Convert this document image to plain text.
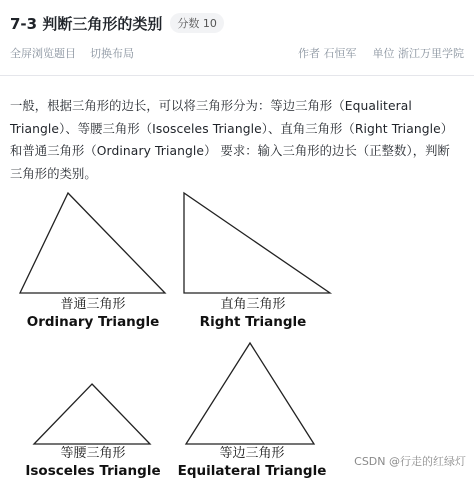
7-3 判断三角形的类别	分数 10
全屏浏览题目 切换布局	作者 石恒军 单位 浙江万里学院
一般，根据三角形的边长，可以将三角形分为：等边三角形（Equaliteral Triangle）、等腰三角形（Isosceles Triangle）、直角三角形（Right Triangle）和普通三角形（Ordinary Triangle） 要求：输入三角形的边长（正整数），判断三角形的类别。
普通三角形
Ordinary Triangle
直角三角形
Right Triangle
等腰三角形
Isosceles Triangle
等边三角形
Equilateral Triangle
CSDN @行走的红绿灯
